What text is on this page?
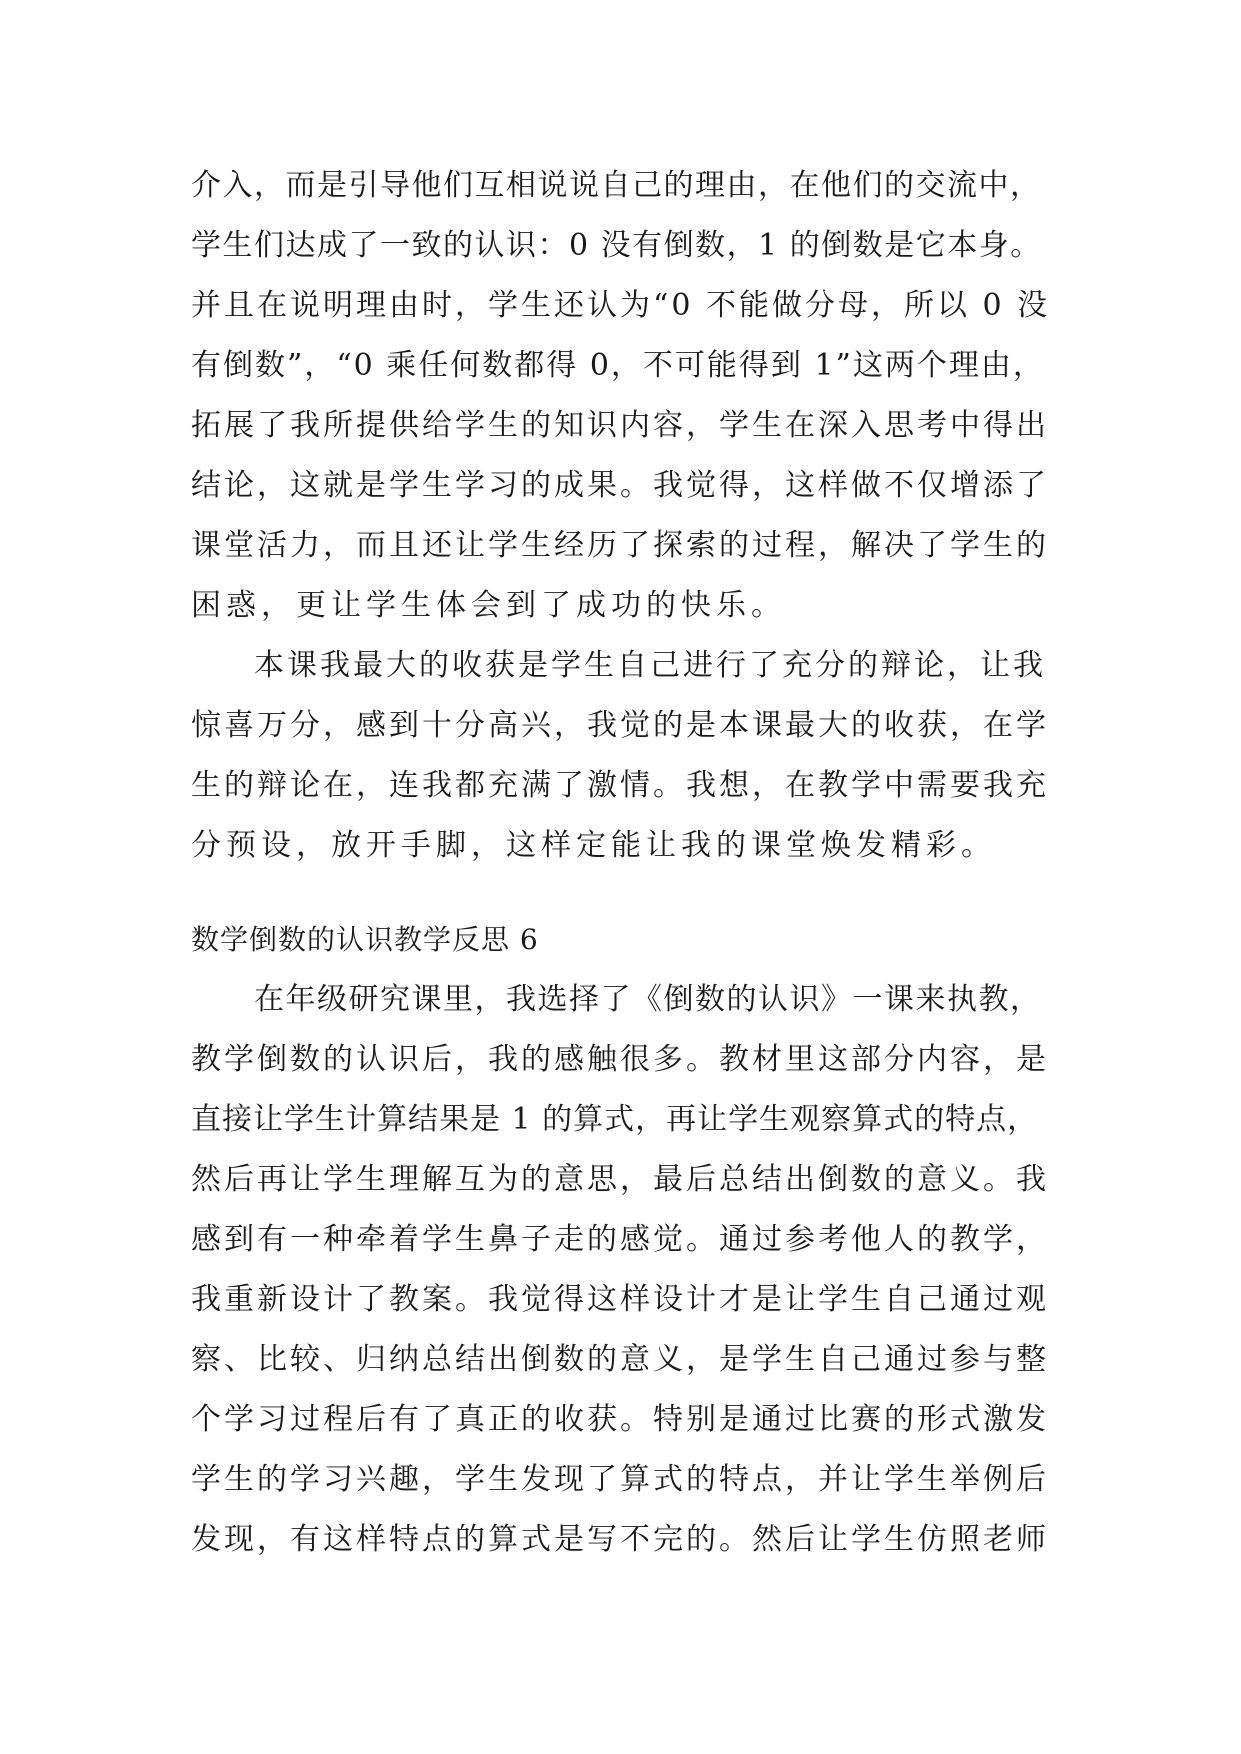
介入，而是引导他们互相说说自己的理由，在他们的交流中，
学生们达成了一致的认识：0 没有倒数，1 的倒数是它本身。
并且在说明理由时，学生还认为“0 不能做分母，所以 0 没
有倒数”，“0 乘任何数都得 0，不可能得到 1”这两个理由，
拓展了我所提供给学生的知识内容，学生在深入思考中得出
结论，这就是学生学习的成果。我觉得，这样做不仅增添了
课堂活力，而且还让学生经历了探索的过程，解决了学生的
困惑，更让学生体会到了成功的快乐。
本课我最大的收获是学生自己进行了充分的辩论，让我
惊喜万分，感到十分高兴，我觉的是本课最大的收获，在学
生的辩论在，连我都充满了激情。我想，在教学中需要我充
分预设，放开手脚，这样定能让我的课堂焕发精彩。
数学倒数的认识教学反思 6
在年级研究课里，我选择了《倒数的认识》一课来执教，
教学倒数的认识后，我的感触很多。教材里这部分内容，是
直接让学生计算结果是 1 的算式，再让学生观察算式的特点，
然后再让学生理解互为的意思，最后总结出倒数的意义。我
感到有一种牵着学生鼻子走的感觉。通过参考他人的教学，
我重新设计了教案。我觉得这样设计才是让学生自己通过观
察、比较、归纳总结出倒数的意义，是学生自己通过参与整
个学习过程后有了真正的收获。特别是通过比赛的形式激发
学生的学习兴趣，学生发现了算式的特点，并让学生举例后
发现，有这样特点的算式是写不完的。然后让学生仿照老师
